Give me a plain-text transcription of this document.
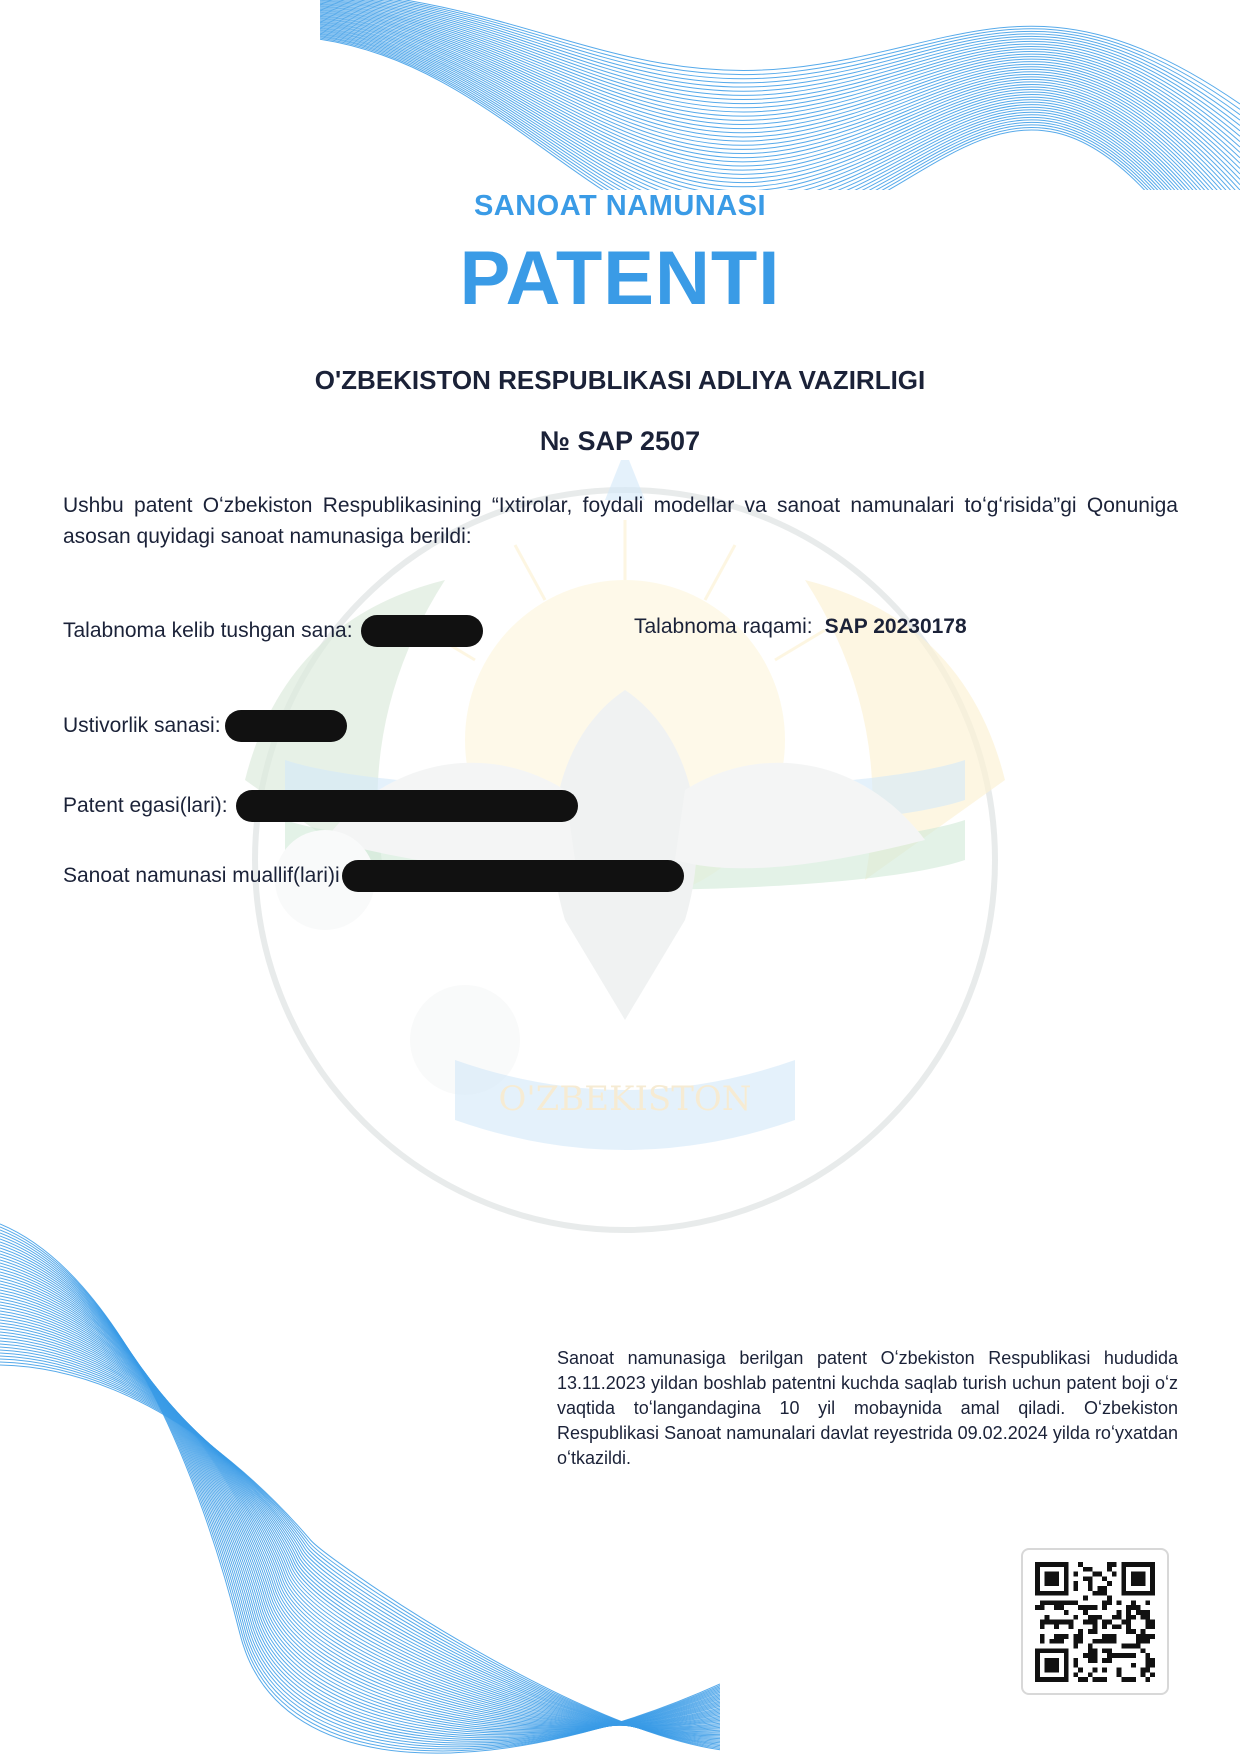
O'ZBEKISTON
SANOAT NAMUNASI
PATENTI
O'ZBEKISTON RESPUBLIKASI ADLIYA VAZIRLIGI
№ SAP 2507
Ushbu patent Oʻzbekiston Respublikasining “Ixtirolar, foydali modellar va sanoat namunalari toʻgʻrisida”gi Qonuniga asosan quyidagi sanoat namunasiga berildi:
Talabnoma kelib tushgan sana:	Talabnoma raqami: SAP 20230178
Ustivorlik sanasi:
Patent egasi(lari):
Sanoat namunasi muallif(lari)i
Sanoat namunasiga berilgan patent Oʻzbekiston Respublikasi hududida 13.11.2023 yildan boshlab patentni kuchda saqlab turish uchun patent boji oʻz vaqtida toʻlangandagina 10 yil mobaynida amal qiladi. Oʻzbekiston Respublikasi Sanoat namunalari davlat reyestrida 09.02.2024 yilda roʻyxatdan oʻtkazildi.
